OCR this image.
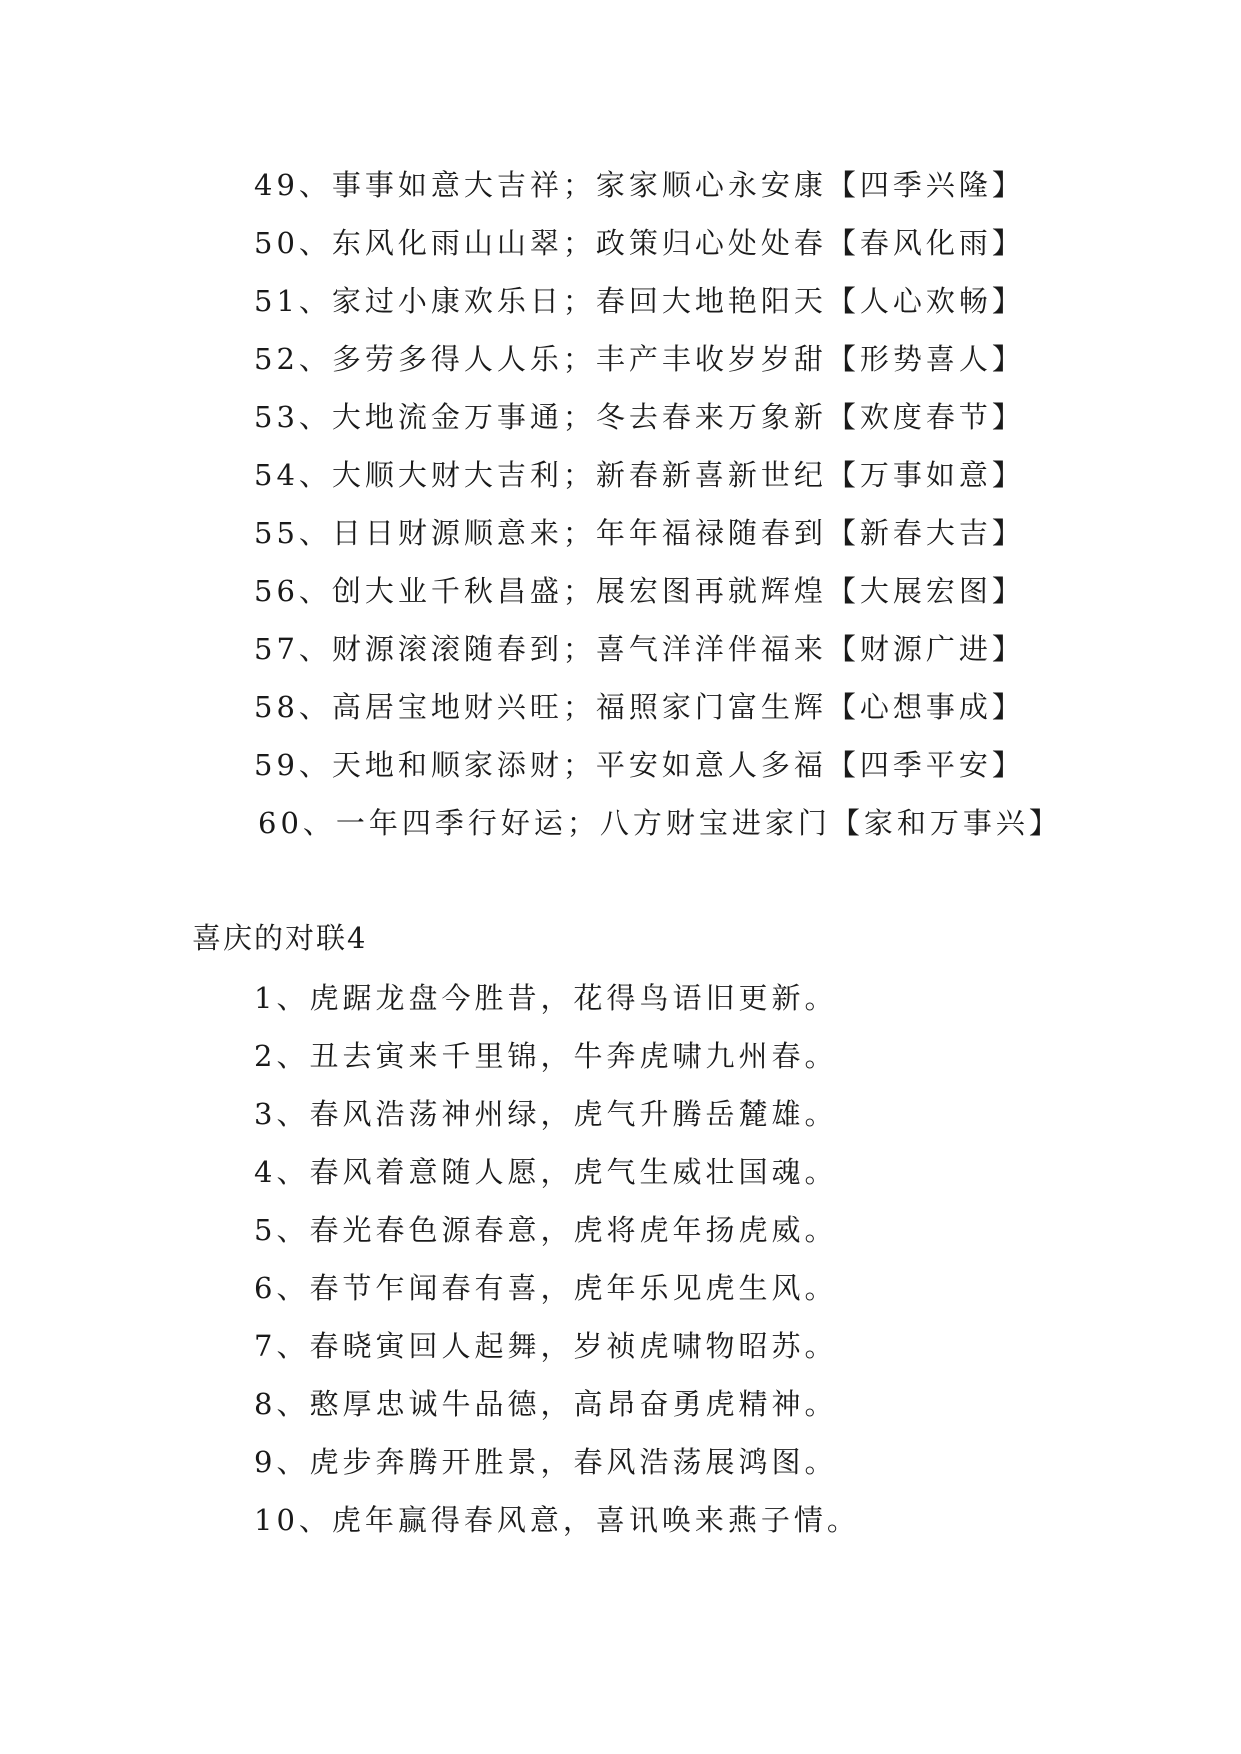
49、事事如意大吉祥；家家顺心永安康【四季兴隆】
50、东风化雨山山翠；政策归心处处春【春风化雨】
51、家过小康欢乐日；春回大地艳阳天【人心欢畅】
52、多劳多得人人乐；丰产丰收岁岁甜【形势喜人】
53、大地流金万事通；冬去春来万象新【欢度春节】
54、大顺大财大吉利；新春新喜新世纪【万事如意】
55、日日财源顺意来；年年福禄随春到【新春大吉】
56、创大业千秋昌盛；展宏图再就辉煌【大展宏图】
57、财源滚滚随春到；喜气洋洋伴福来【财源广进】
58、高居宝地财兴旺；福照家门富生辉【心想事成】
59、天地和顺家添财；平安如意人多福【四季平安】
60、一年四季行好运；八方财宝进家门【家和万事兴】
喜庆的对联4
1、虎踞龙盘今胜昔，花得鸟语旧更新。
2、丑去寅来千里锦，牛奔虎啸九州春。
3、春风浩荡神州绿，虎气升腾岳麓雄。
4、春风着意随人愿，虎气生威壮国魂。
5、春光春色源春意，虎将虎年扬虎威。
6、春节乍闻春有喜，虎年乐见虎生风。
7、春晓寅回人起舞，岁祯虎啸物昭苏。
8、憨厚忠诚牛品德，高昂奋勇虎精神。
9、虎步奔腾开胜景，春风浩荡展鸿图。
10、虎年赢得春风意，喜讯唤来燕子情。
